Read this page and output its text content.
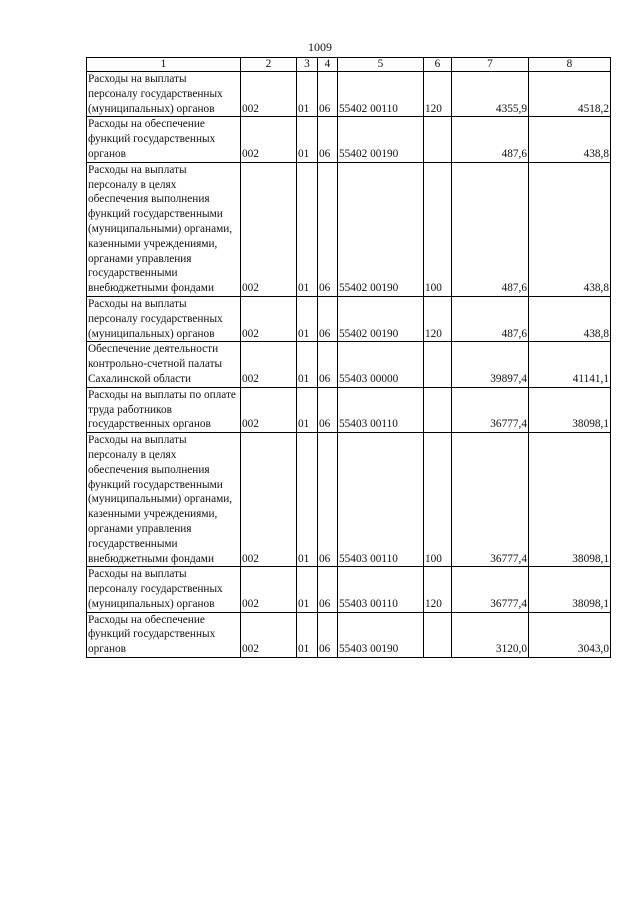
1009
1	2	3	4	5	6	7	8
Расходы на выплаты персоналу государственных (муниципальных) органов	002	01	06	55402 00110	120	4355,9	4518,2
Расходы на обеспечение функций государственных органов	002	01	06	55402 00190		487,6	438,8
Расходы на выплаты персоналу в целях обеспечения выполнения функций государственными (муниципальными) органами, казенными учреждениями, органами управления государственными внебюджетными фондами	002	01	06	55402 00190	100	487,6	438,8
Расходы на выплаты персоналу государственных (муниципальных) органов	002	01	06	55402 00190	120	487,6	438,8
Обеспечение деятельности контрольно-счетной палаты Сахалинской области	002	01	06	55403 00000		39897,4	41141,1
Расходы на выплаты по оплате труда работников государственных органов	002	01	06	55403 00110		36777,4	38098,1
Расходы на выплаты персоналу в целях обеспечения выполнения функций государственными (муниципальными) органами, казенными учреждениями, органами управления государственными внебюджетными фондами	002	01	06	55403 00110	100	36777,4	38098,1
Расходы на выплаты персоналу государственных (муниципальных) органов	002	01	06	55403 00110	120	36777,4	38098,1
Расходы на обеспечение функций государственных органов	002	01	06	55403 00190		3120,0	3043,0
